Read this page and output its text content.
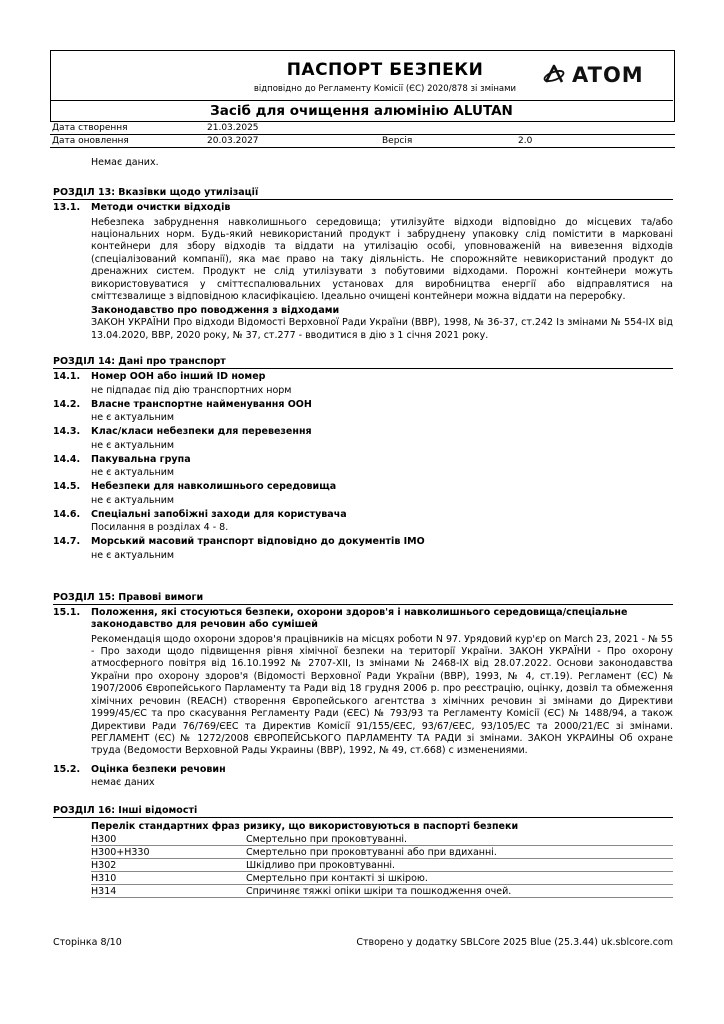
ПАСПОРТ БЕЗПЕКИ
відповідно до Регламенту Комісії (ЄС) 2020/878 зі змінами
ATOM
Засіб для очищення алюмінію ALUTAN
Дата створення	21.03.2025
Дата оновлення	20.03.2027	Версія	2.0
Немає даних.
РОЗДІЛ 13: Вказівки щодо утилізації
13.1. Методи очистки відходів
Небезпека забруднення навколишнього середовища; утилізуйте відходи відповідно до місцевих та/або національних норм. Будь-який невикористаний продукт і забруднену упаковку слід помістити в марковані контейнери для збору відходів та віддати на утилізацію особі, уповноваженій на вивезення відходів (спеціалізований компанії), яка має право на таку діяльність. Не спорожняйте невикористаний продукт до дренажних систем. Продукт не слід утилізувати з побутовими відходами. Порожні контейнери можуть використовуватися у сміттєспалювальних установах для виробництва енергії або відправлятися на сміттєзвалище з відповідною класифікацією. Ідеально очищені контейнери можна віддати на переробку.
Законодавство про поводження з відходами
ЗАКОН УКРАЇНИ Про відходи Відомості Верховної Ради України (ВВР), 1998, № 36-37, ст.242 Із змінами № 554-IX від 13.04.2020, ВВР, 2020 року, № 37, ст.277 - вводитися в дію з 1 січня 2021 року.
РОЗДІЛ 14: Дані про транспорт
14.1. Номер ООН або інший ID номер
не підпадає під дію транспортних норм
14.2. Власне транспортне найменування ООН
не є актуальним
14.3. Клас/класи небезпеки для перевезення
не є актуальним
14.4. Пакувальна група
не є актуальним
14.5. Небезпеки для навколишнього середовища
не є актуальним
14.6. Спеціальні запобіжні заходи для користувача
Посилання в розділах 4 - 8.
14.7. Морський масовий транспорт відповідно до документів IMO
не є актуальним
РОЗДІЛ 15: Правові вимоги
15.1. Положення, які стосуються безпеки, охорони здоров'я і навколишнього середовища/спеціальне законодавство для речовин або сумішей
Рекомендація щодо охорони здоров'я працівників на місцях роботи N 97. Урядовий кур'єр on March 23, 2021 - № 55 - Про заходи щодо підвищення рівня хімічної безпеки на території України. ЗАКОН УКРАЇНИ - Про охорону атмосферного повітря від 16.10.1992 № 2707-XII, Із змінами № 2468-IX від 28.07.2022. Основи законодавства України про охорону здоров'я (Відомості Верховної Ради України (ВВР), 1993, № 4, ст.19). Регламент (ЄС) № 1907/2006 Європейського Парламенту та Ради від 18 грудня 2006 р. про реєстрацію, оцінку, дозвіл та обмеження хімічних речовин (REACH) створення Європейського агентства з хімічних речовин зі змінами до Директиви 1999/45/ЄС та про скасування Регламенту Ради (ЄЕС) № 793/93 та Регламенту Комісії (ЄС) № 1488/94, а також Директиви Ради 76/769/ЄЕС та Директив Комісії 91/155/ЄЕС, 93/67/ЄЕС, 93/105/ЕС та 2000/21/ЕС зі змінами. РЕГЛАМЕНТ (ЄС) № 1272/2008 ЄВРОПЕЙСЬКОГО ПАРЛАМЕНТУ ТА РАДИ зі змінами. ЗАКОН УКРАИНЫ Об охране труда (Ведомости Верховной Рады Украины (ВВР), 1992, № 49, ст.668) с изменениями.
15.2. Оцінка безпеки речовин
немає даних
РОЗДІЛ 16: Інші відомості
Перелік стандартних фраз ризику, що використовуються в паспорті безпеки
H300	Смертельно при проковтуванні.
H300+H330	Смертельно при проковтуванні або при вдиханні.
H302	Шкідливо при проковтуванні.
H310	Смертельно при контакті зі шкірою.
H314	Спричиняє тяжкі опіки шкіри та пошкодження очей.
Сторінка 8/10	Створено у додатку SBLCore 2025 Blue (25.3.44) uk.sblcore.com
